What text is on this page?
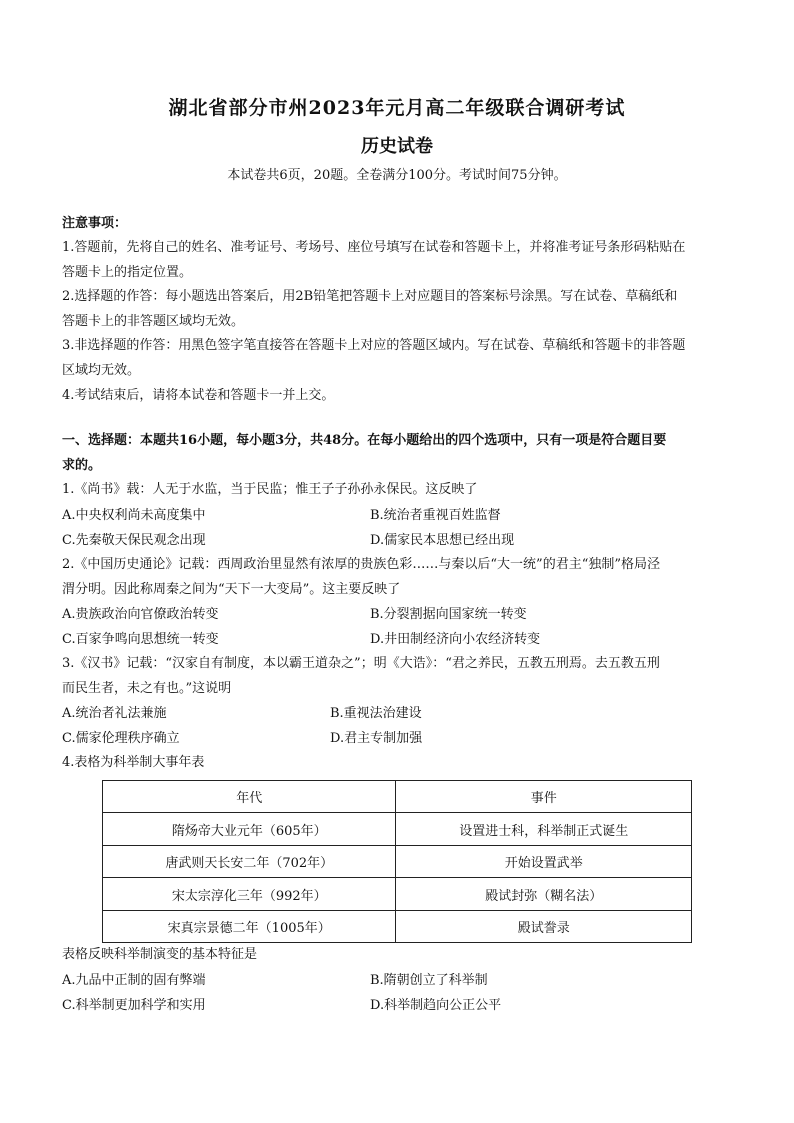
湖北省部分市州2023年元月高二年级联合调研考试
历史试卷
本试卷共6页，20题。全卷满分100分。考试时间75分钟。
注意事项：
1.答题前，先将自己的姓名、准考证号、考场号、座位号填写在试卷和答题卡上，并将准考证号条形码粘贴在
答题卡上的指定位置。
2.选择题的作答：每小题选出答案后，用2B铅笔把答题卡上对应题目的答案标号涂黑。写在试卷、草稿纸和
答题卡上的非答题区域均无效。
3.非选择题的作答：用黑色签字笔直接答在答题卡上对应的答题区域内。写在试卷、草稿纸和答题卡的非答题
区域均无效。
4.考试结束后，请将本试卷和答题卡一并上交。
一、选择题：本题共16小题，每小题3分，共48分。在每小题给出的四个选项中，只有一项是符合题目要
求的。
1.《尚书》载：人无于水监，当于民监；惟王子子孙孙永保民。这反映了
A.中央权利尚未高度集中	B.统治者重视百姓监督
C.先秦敬天保民观念出现	D.儒家民本思想已经出现
2.《中国历史通论》记载：西周政治里显然有浓厚的贵族色彩……与秦以后“大一统”的君主“独制”格局泾
渭分明。因此称周秦之间为“天下一大变局”。这主要反映了
A.贵族政治向官僚政治转变	B.分裂割据向国家统一转变
C.百家争鸣向思想统一转变	D.井田制经济向小农经济转变
3.《汉书》记载：“汉家自有制度，本以霸王道杂之”；明《大诰》：“君之养民，五教五刑焉。去五教五刑
而民生者，未之有也。”这说明
A.统治者礼法兼施	B.重视法治建设
C.儒家伦理秩序确立	D.君主专制加强
4.表格为科举制大事年表
年代	事件
隋炀帝大业元年（605年）	设置进士科，科举制正式诞生
唐武则天长安二年（702年）	开始设置武举
宋太宗淳化三年（992年）	殿试封弥（糊名法）
宋真宗景德二年（1005年）	殿试誊录
表格反映科举制演变的基本特征是
A.九品中正制的固有弊端	B.隋朝创立了科举制
C.科举制更加科学和实用	D.科举制趋向公正公平
